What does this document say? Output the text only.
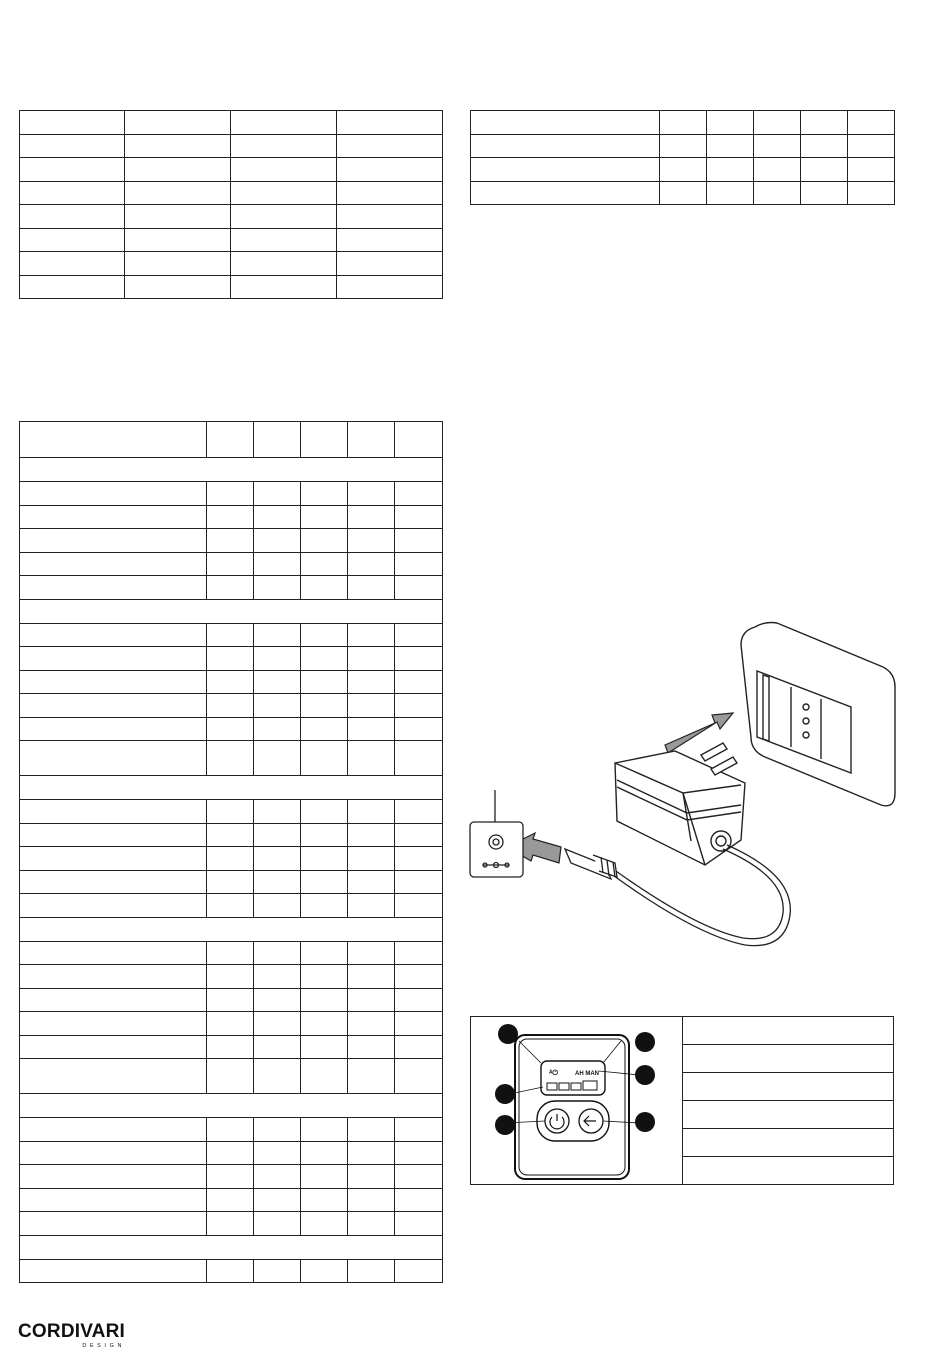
ᴬ⏻	AH MAN

CORDIVARI
DESIGN
